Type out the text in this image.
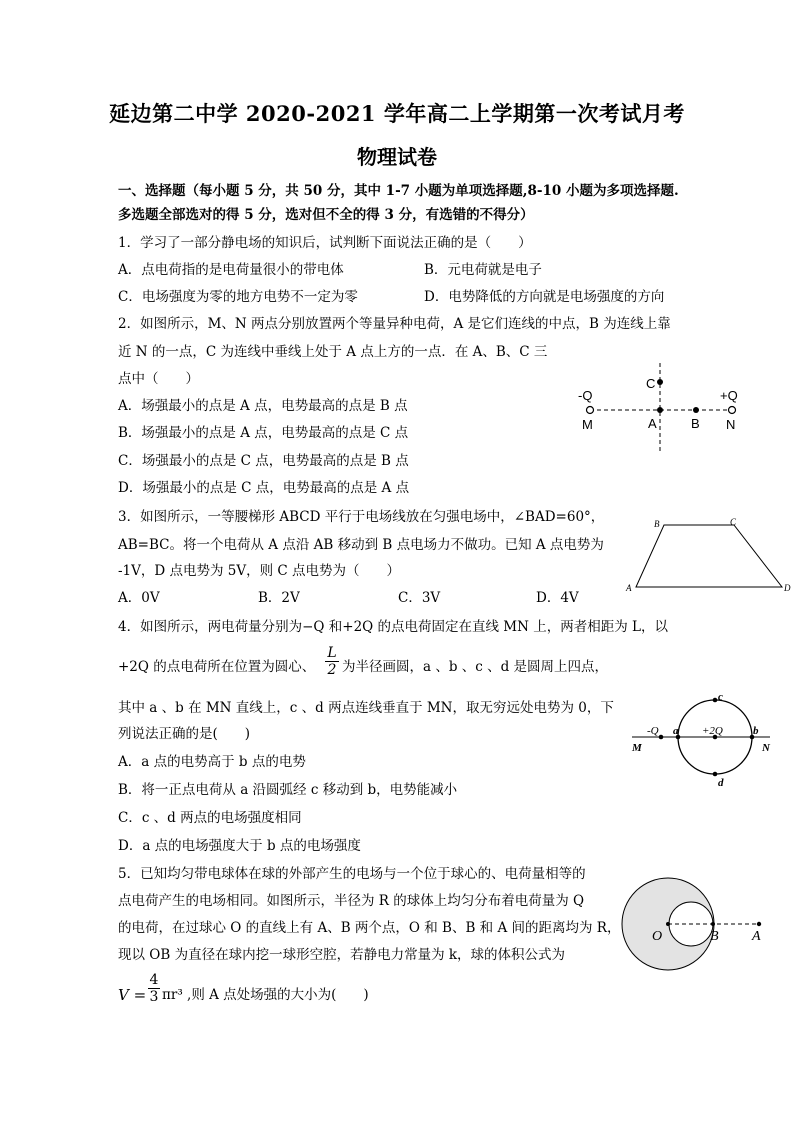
延边第二中学 2020-2021 学年高二上学期第一次考试月考
物理试卷
一、选择题（每小题 5 分，共 50 分，其中 1-7 小题为单项选择题,8-10 小题为多项选择题.
多选题全部选对的得 5 分，选对但不全的得 3 分，有选错的不得分）
1．学习了一部分静电场的知识后，试判断下面说法正确的是（　　）
A．点电荷指的是电荷量很小的带电体	B．元电荷就是电子
C．电场强度为零的地方电势不一定为零	D．电势降低的方向就是电场强度的方向
2．如图所示，M、N 两点分别放置两个等量异种电荷，A 是它们连线的中点，B 为连线上靠
近 N 的一点，C 为连线中垂线上处于 A 点上方的一点．在 A、B、C 三
点中（　　）
A．场强最小的点是 A 点，电势最高的点是 B 点
B．场强最小的点是 A 点，电势最高的点是 C 点
C．场强最小的点是 C 点，电势最高的点是 B 点
D．场强最小的点是 C 点，电势最高的点是 A 点
-Q	+Q
M	N
A	B
C
3．如图所示，一等腰梯形 ABCD 平行于电场线放在匀强电场中，∠BAD=60°，
AB=BC。将一个电荷从 A 点沿 AB 移动到 B 点电场力不做功。已知 A 点电势为
-1V，D 点电势为 5V，则 C 点电势为（　　）
A．0V	B．2V	C．3V	D．4V
A
B	C
D
4．如图所示，两电荷量分别为−Q 和+2Q 的点电荷固定在直线 MN 上，两者相距为 L，以
+2Q 的点电荷所在位置为圆心、 $\frac{L}{2}$ 为半径画圆，a 、b 、c 、d 是圆周上四点，
其中 a 、b 在 MN 直线上，c 、d 两点连线垂直于 MN，取无穷远处电势为 0，下
列说法正确的是(　　)
A．a 点的电势高于 b 点的电势
B．将一正点电荷从 a 沿圆弧经 c 移动到 b，电势能减小
C．c 、d 两点的电场强度相同
D．a 点的电场强度大于 b 点的电场强度
-Q	+2Q
M	N
a	b
c
d
5．已知均匀带电球体在球的外部产生的电场与一个位于球心的、电荷量相等的
点电荷产生的电场相同。如图所示，半径为 R 的球体上均匀分布着电荷量为 Q
的电荷，在过球心 O 的直线上有 A、B 两个点，O 和 B、B 和 A 间的距离均为 R，
现以 OB 为直径在球内挖一球形空腔，若静电力常量为 k，球的体积公式为
$V = \frac{4}{3} \pi r^3$ ,则 A 点处场强的大小为(　　)
O	B A
